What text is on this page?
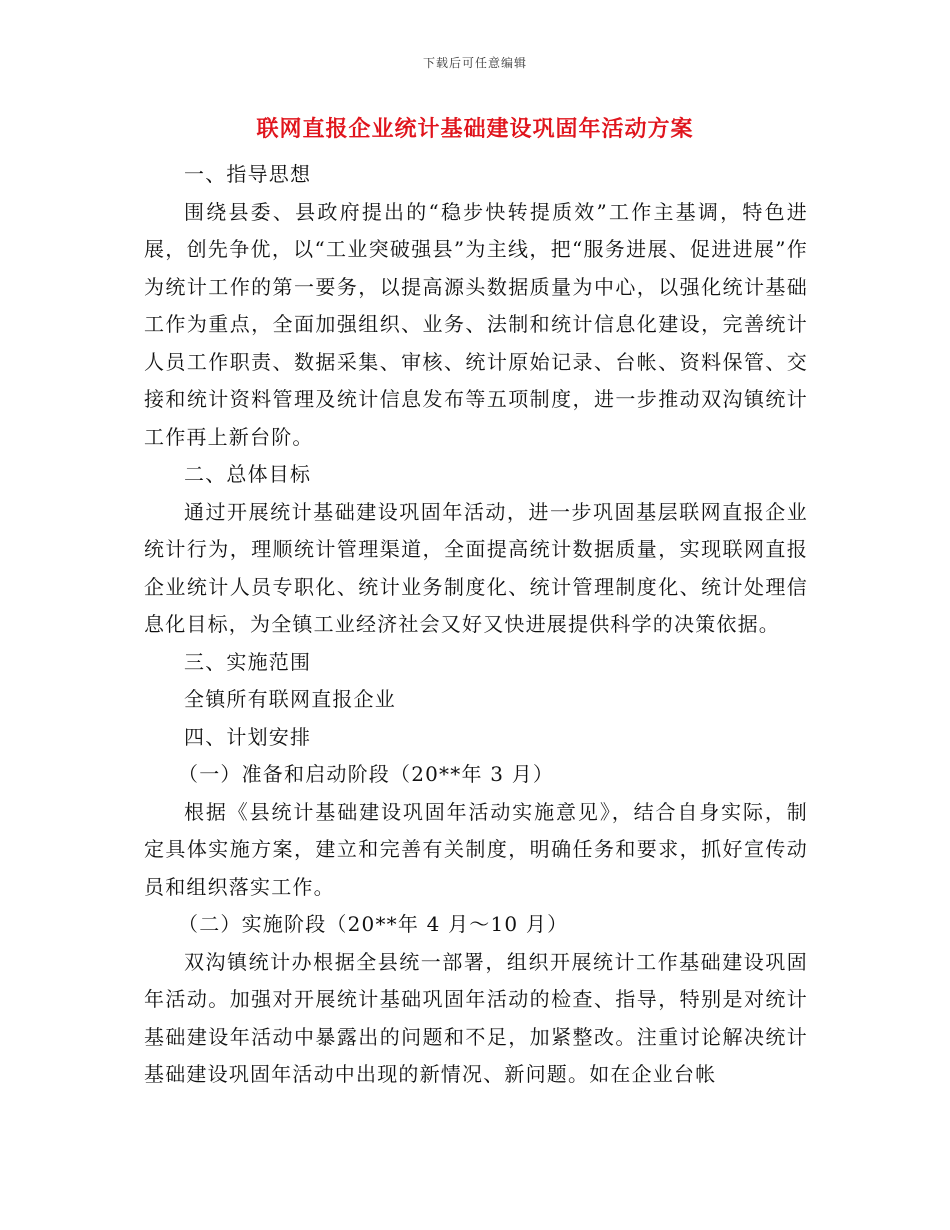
下载后可任意编辑
联网直报企业统计基础建设巩固年活动方案

一、指导思想

围绕县委、县政府提出的“稳步快转提质效”工作主基调，特色进展，创先争优，以“工业突破强县”为主线，把“服务进展、促进进展”作为统计工作的第一要务，以提高源头数据质量为中心，以强化统计基础工作为重点，全面加强组织、业务、法制和统计信息化建设，完善统计人员工作职责、数据采集、审核、统计原始记录、台帐、资料保管、交接和统计资料管理及统计信息发布等五项制度，进一步推动双沟镇统计工作再上新台阶。

二、总体目标

通过开展统计基础建设巩固年活动，进一步巩固基层联网直报企业统计行为，理顺统计管理渠道，全面提高统计数据质量，实现联网直报企业统计人员专职化、统计业务制度化、统计管理制度化、统计处理信息化目标，为全镇工业经济社会又好又快进展提供科学的决策依据。

三、实施范围

全镇所有联网直报企业

四、计划安排

（一）准备和启动阶段（20**年 3 月）

根据《县统计基础建设巩固年活动实施意见》，结合自身实际，制定具体实施方案，建立和完善有关制度，明确任务和要求，抓好宣传动员和组织落实工作。

（二）实施阶段（20**年 4 月～10 月）

双沟镇统计办根据全县统一部署，组织开展统计工作基础建设巩固年活动。加强对开展统计基础巩固年活动的检查、指导，特别是对统计基础建设年活动中暴露出的问题和不足，加紧整改。注重讨论解决统计基础建设巩固年活动中出现的新情况、新问题。如在企业台帐
